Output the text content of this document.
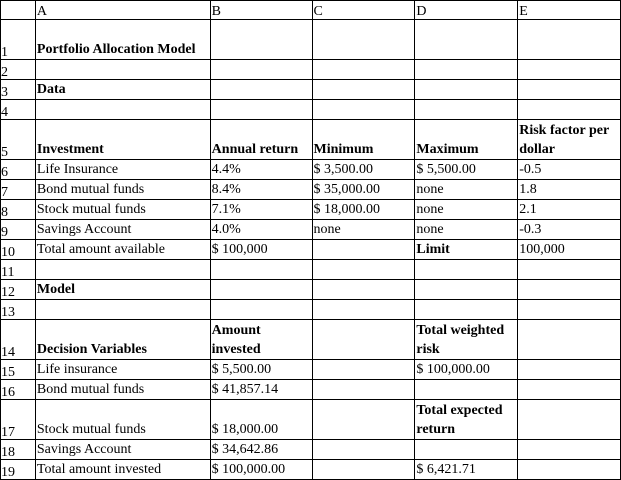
	A	B	C	D	E
1	Portfolio Allocation Model				
2					
3	Data				
4					
5	Investment	Annual return	Minimum	Maximum	Risk factor per dollar
6	Life Insurance	4.4%	$ 3,500.00	$ 5,500.00	-0.5
7	Bond mutual funds	8.4%	$ 35,000.00	none	1.8
8	Stock mutual funds	7.1%	$ 18,000.00	none	2.1
9	Savings Account	4.0%	none	none	-0.3
10	Total amount available	$ 100,000		Limit	100,000
11					
12	Model				
13					
14	Decision Variables	Amount invested		Total weighted risk	
15	Life insurance	$ 5,500.00		$ 100,000.00	
16	Bond mutual funds	$ 41,857.14			
17	Stock mutual funds	$ 18,000.00		Total expected return	
18	Savings Account	$ 34,642.86			
19	Total amount invested	$ 100,000.00		$ 6,421.71	
